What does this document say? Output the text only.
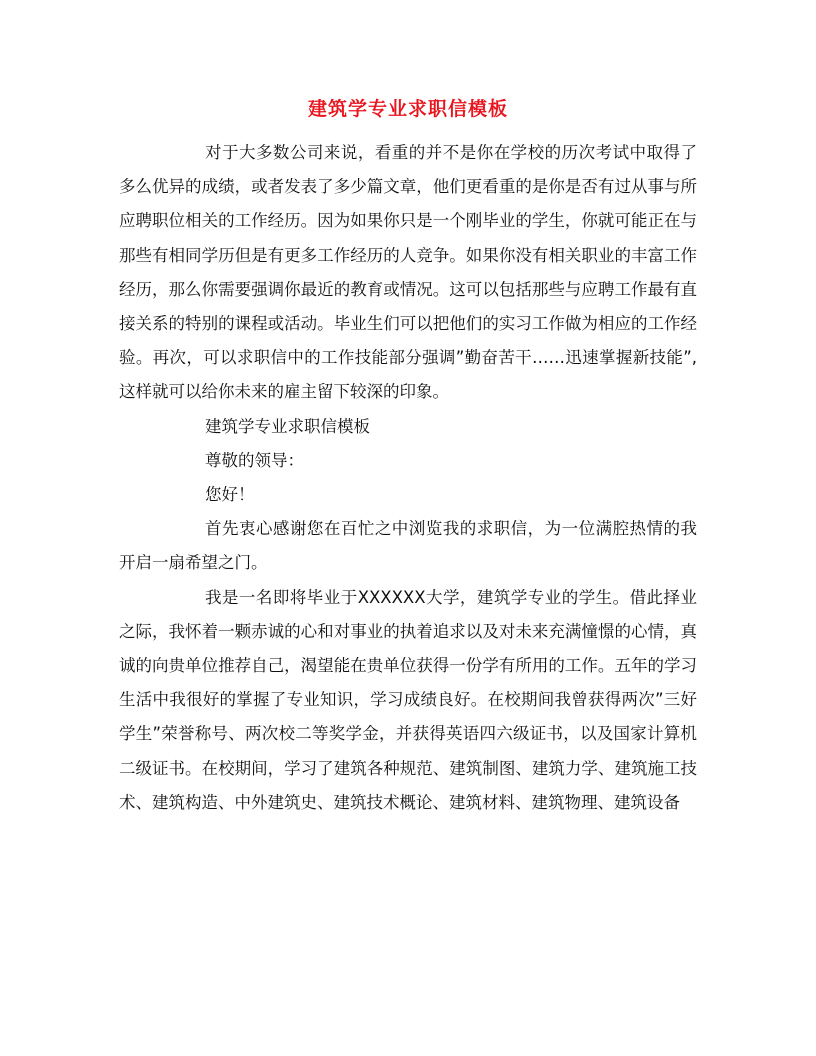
建筑学专业求职信模板

对于大多数公司来说，看重的并不是你在学校的历次考试中取得了多么优异的成绩，或者发表了多少篇文章，他们更看重的是你是否有过从事与所应聘职位相关的工作经历。因为如果你只是一个刚毕业的学生，你就可能正在与那些有相同学历但是有更多工作经历的人竞争。如果你没有相关职业的丰富工作经历，那么你需要强调你最近的教育或情况。这可以包括那些与应聘工作最有直接关系的特别的课程或活动。毕业生们可以把他们的实习工作做为相应的工作经验。再次，可以求职信中的工作技能部分强调”勤奋苦干……迅速掌握新技能”,这样就可以给你未来的雇主留下较深的印象。

建筑学专业求职信模板

尊敬的领导：

您好！

首先衷心感谢您在百忙之中浏览我的求职信，为一位满腔热情的我开启一扇希望之门。

我是一名即将毕业于XXXXXX大学，建筑学专业的学生。借此择业之际，我怀着一颗赤诚的心和对事业的执着追求以及对未来充满憧憬的心情，真诚的向贵单位推荐自己，渴望能在贵单位获得一份学有所用的工作。五年的学习生活中我很好的掌握了专业知识，学习成绩良好。在校期间我曾获得两次”三好学生”荣誉称号、两次校二等奖学金，并获得英语四六级证书，以及国家计算机二级证书。在校期间，学习了建筑各种规范、建筑制图、建筑力学、建筑施工技术、建筑构造、中外建筑史、建筑技术概论、建筑材料、建筑物理、建筑设备
